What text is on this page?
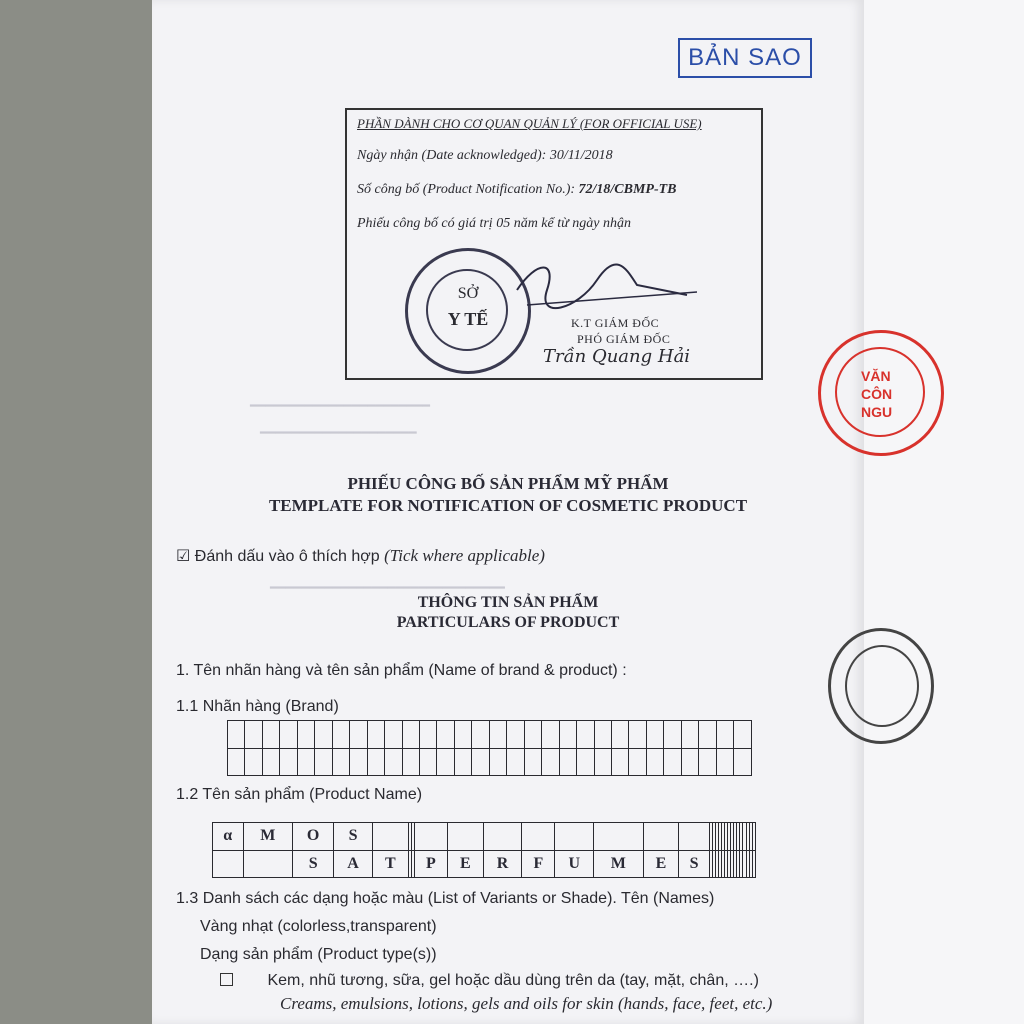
━━━━━━━━━━━━━━━━━━━━━━━
━━━━━━━━━━━━━━━━━━━━
━━━━━━━━━━━━━━━━━━━━━━━━━━━━━━
BẢN SAO
PHẦN DÀNH CHO CƠ QUAN QUẢN LÝ (FOR OFFICIAL USE)
Ngày nhận (Date acknowledged): 30/11/2018
Số công bố (Product Notification No.): 72/18/CBMP-TB
Phiếu công bố có giá trị 05 năm kể từ ngày nhận
SỞ
Y TẾ	K.T GIÁM ĐỐC
PHÓ GIÁM ĐỐC
Trần Quang Hải
VĂN
CÔN
NGU
PHIẾU CÔNG BỐ SẢN PHẨM MỸ PHẨM
TEMPLATE FOR NOTIFICATION OF COSMETIC PRODUCT
☑ Đánh dấu vào ô thích hợp (Tick where applicable)
THÔNG TIN SẢN PHẨM
PARTICULARS OF PRODUCT
1. Tên nhãn hàng và tên sản phẩm (Name of brand & product) :
1.1 Nhãn hàng (Brand)

1.2 Tên sản phẩm (Product Name)
α	M	O	S																										
		S	A	T			P	E	R	F	U	M	E	S															
1.3 Danh sách các dạng hoặc màu (List of Variants or Shade). Tên (Names)
Vàng nhạt (colorless,transparent)
Dạng sản phẩm (Product type(s))
Kem, nhũ tương, sữa, gel hoặc dầu dùng trên da (tay, mặt, chân, ….)
Creams, emulsions, lotions, gels and oils for skin (hands, face, feet, etc.)
